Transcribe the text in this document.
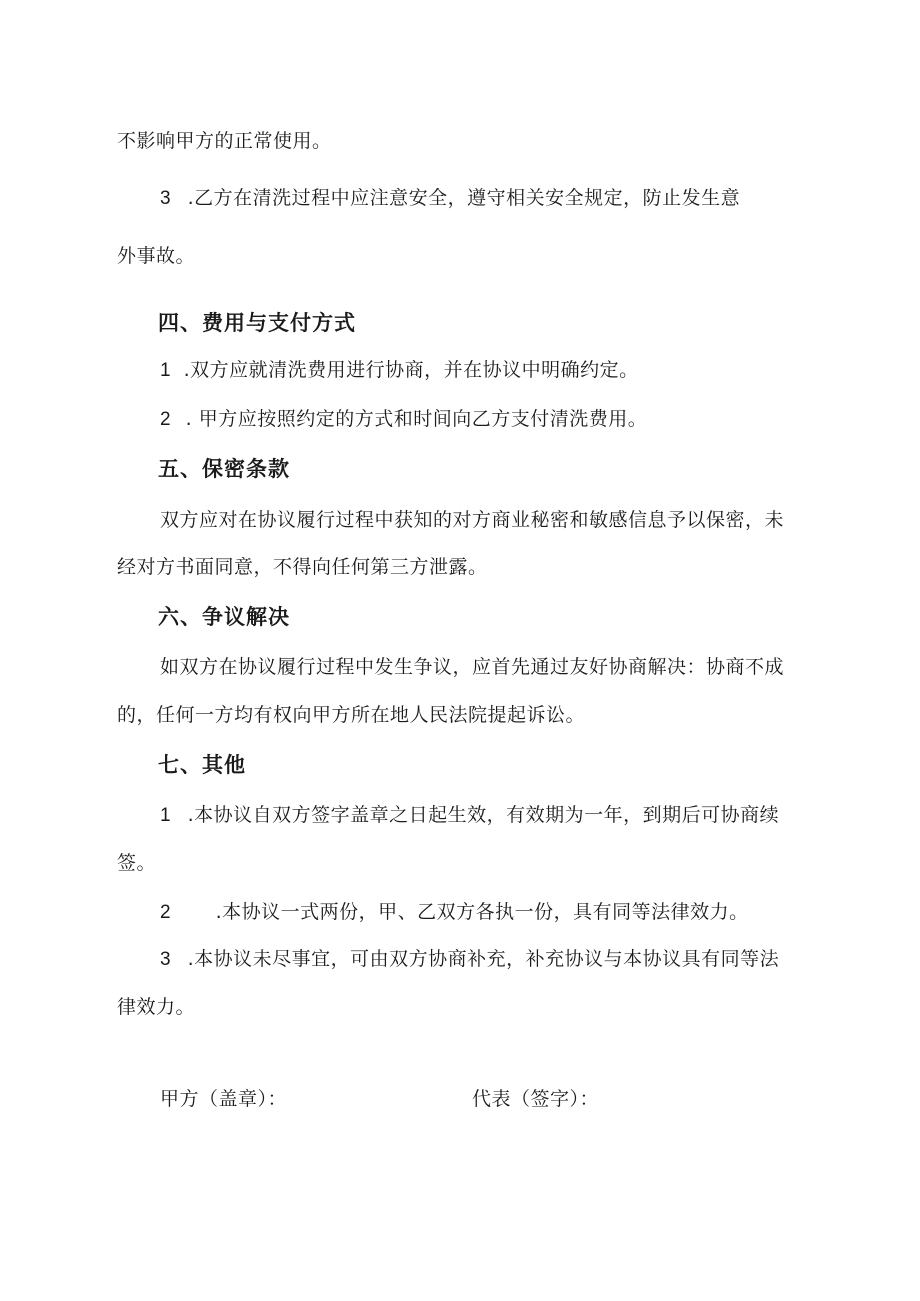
不影响甲方的正常使用。
3 .乙方在清洗过程中应注意安全，遵守相关安全规定，防止发生意
外事故。
四、费用与支付方式
1 .双方应就清洗费用进行协商，并在协议中明确约定。
2 . 甲方应按照约定的方式和时间向乙方支付清洗费用。
五、保密条款
双方应对在协议履行过程中获知的对方商业秘密和敏感信息予以保密，未
经对方书面同意，不得向任何第三方泄露。
六、争议解决
如双方在协议履行过程中发生争议，应首先通过友好协商解决：协商不成
的，任何一方均有权向甲方所在地人民法院提起诉讼。
七、其他
1 .本协议自双方签字盖章之日起生效，有效期为一年，到期后可协商续
签。
2 .本协议一式两份，甲、乙双方各执一份，具有同等法律效力。
3 .本协议未尽事宜，可由双方协商补充，补充协议与本协议具有同等法
律效力。
甲方（盖章）：	代表（签字）：
